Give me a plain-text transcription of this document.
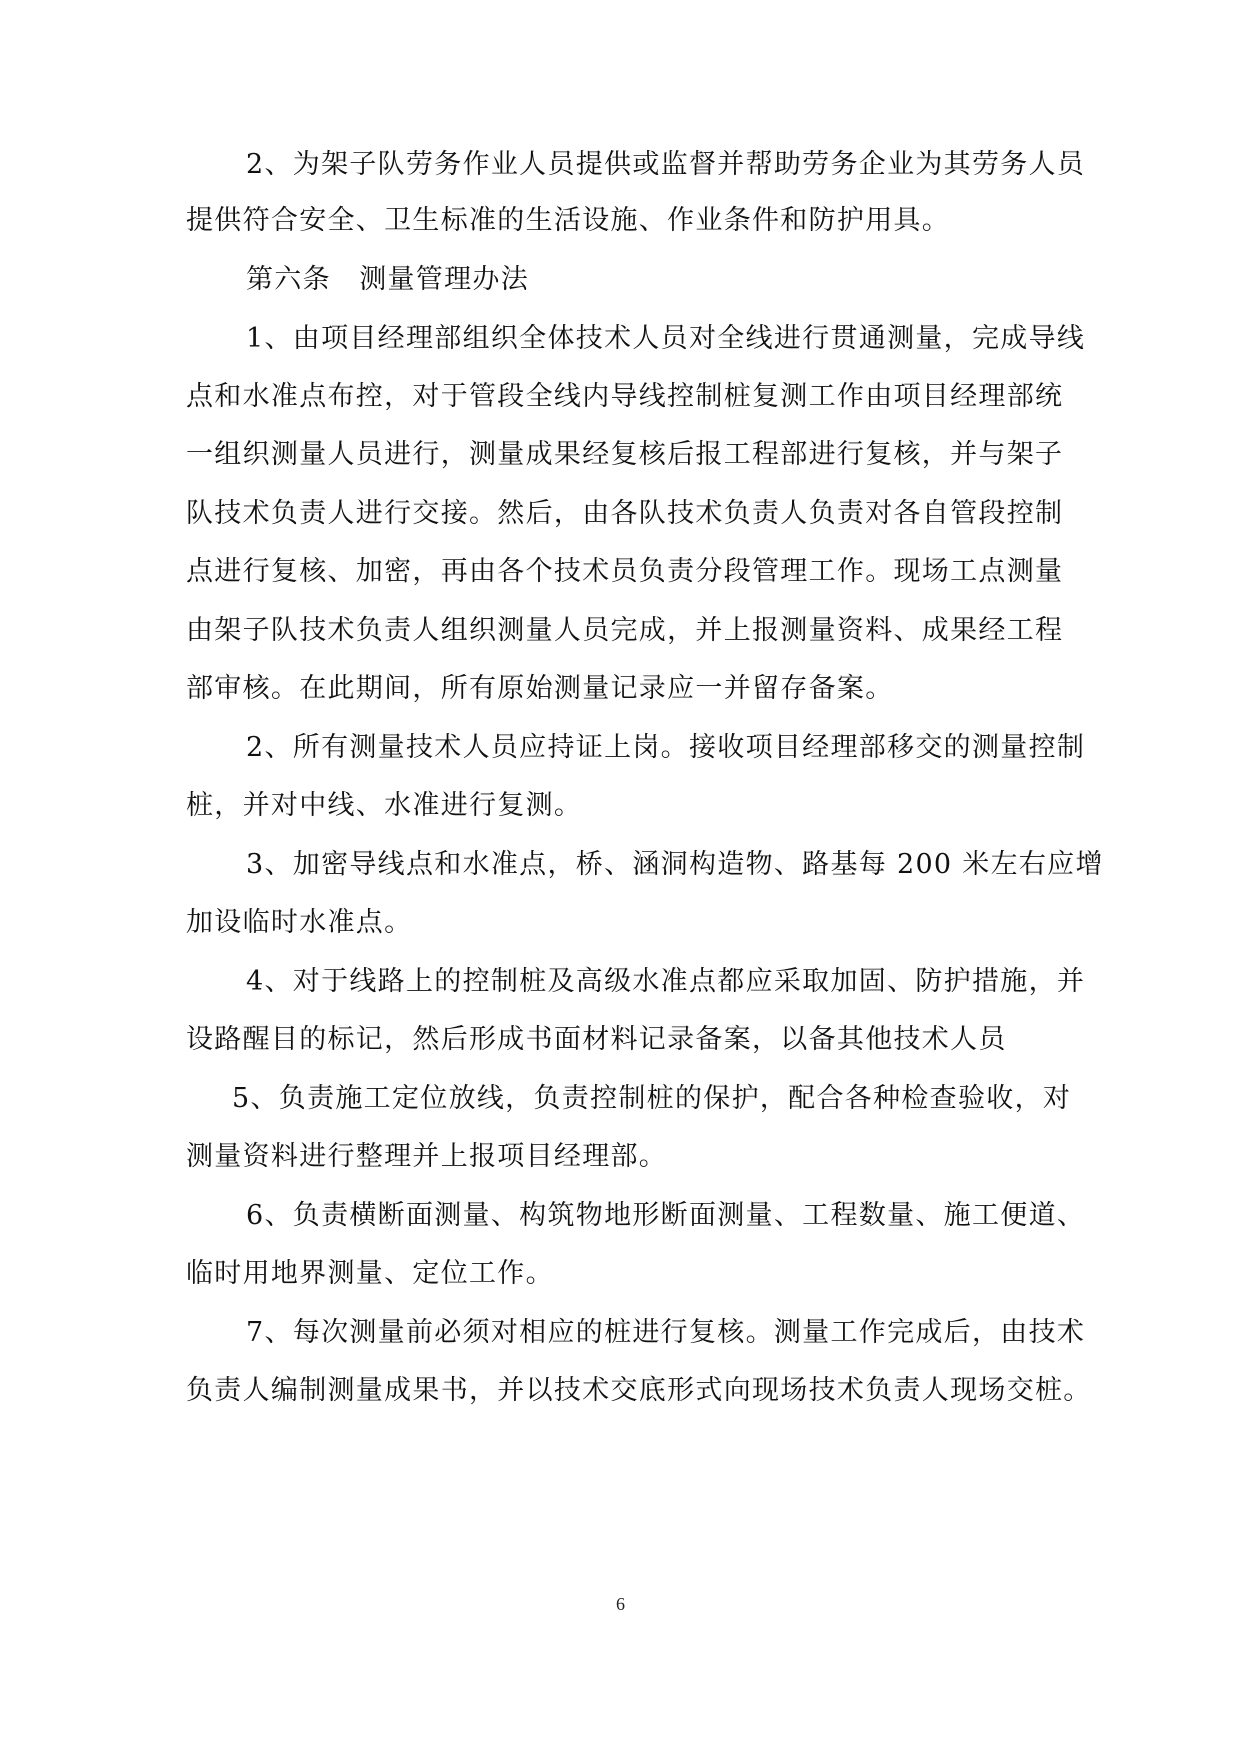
2、为架子队劳务作业人员提供或监督并帮助劳务企业为其劳务人员
提供符合安全、卫生标准的生活设施、作业条件和防护用具。
第六条　测量管理办法
1、由项目经理部组织全体技术人员对全线进行贯通测量，完成导线
点和水准点布控，对于管段全线内导线控制桩复测工作由项目经理部统
一组织测量人员进行，测量成果经复核后报工程部进行复核，并与架子
队技术负责人进行交接。然后，由各队技术负责人负责对各自管段控制
点进行复核、加密，再由各个技术员负责分段管理工作。现场工点测量
由架子队技术负责人组织测量人员完成，并上报测量资料、成果经工程
部审核。在此期间，所有原始测量记录应一并留存备案。
2、所有测量技术人员应持证上岗。接收项目经理部移交的测量控制
桩，并对中线、水准进行复测。
3、加密导线点和水准点，桥、涵洞构造物、路基每 200 米左右应增
加设临时水准点。
4、对于线路上的控制桩及高级水准点都应采取加固、防护措施，并
设路醒目的标记，然后形成书面材料记录备案，以备其他技术人员
5、负责施工定位放线，负责控制桩的保护，配合各种检查验收，对
测量资料进行整理并上报项目经理部。
6、负责横断面测量、构筑物地形断面测量、工程数量、施工便道、
临时用地界测量、定位工作。
7、每次测量前必须对相应的桩进行复核。测量工作完成后，由技术
负责人编制测量成果书，并以技术交底形式向现场技术负责人现场交桩。
6
